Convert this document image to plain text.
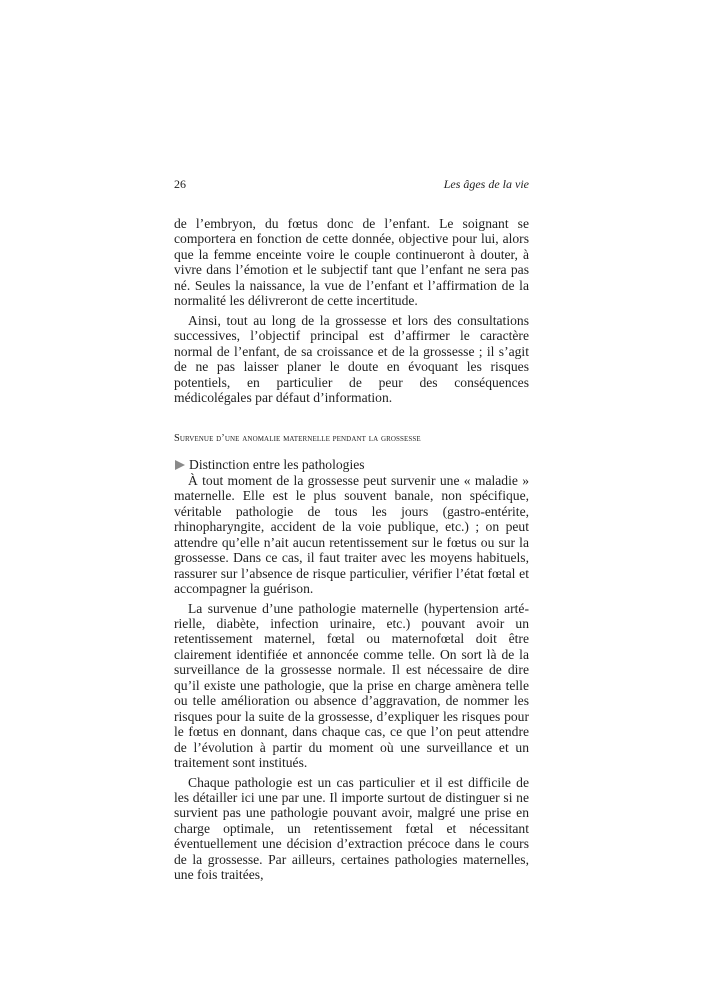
26	Les âges de la vie

de l’embryon, du fœtus donc de l’enfant. Le soignant se comportera en fonction de cette donnée, objective pour lui, alors que la femme enceinte voire le couple continueront à douter, à vivre dans l’émotion et le subjectif tant que l’enfant ne sera pas né. Seules la naissance, la vue de l’enfant et l’affirmation de la normalité les délivreront de cette incertitude.

Ainsi, tout au long de la grossesse et lors des consultations successives, l’objectif principal est d’affirmer le caractère normal de l’enfant, de sa croissance et de la grossesse ; il s’agit de ne pas laisser planer le doute en évoquant les risques potentiels, en particulier de peur des conséquences médicolégales par défaut d’information.

Survenue d’une anomalie maternelle pendant la grossesse
Distinction entre les pathologies

À tout moment de la grossesse peut survenir une « maladie » maternelle. Elle est le plus souvent banale, non spécifique, véritable pathologie de tous les jours (gastro-entérite, rhinopharyngite, accident de la voie publique, etc.) ; on peut attendre qu’elle n’ait aucun retentissement sur le fœtus ou sur la grossesse. Dans ce cas, il faut traiter avec les moyens habituels, rassurer sur l’absence de risque particulier, vérifier l’état fœtal et accompagner la guérison.

La survenue d’une pathologie maternelle (hypertension artérielle, diabète, infection urinaire, etc.) pouvant avoir un retentissement maternel, fœtal ou maternofœtal doit être clairement identifiée et annoncée comme telle. On sort là de la surveillance de la grossesse normale. Il est nécessaire de dire qu’il existe une pathologie, que la prise en charge amènera telle ou telle amélioration ou absence d’aggravation, de nommer les risques pour la suite de la grossesse, d’expliquer les risques pour le fœtus en donnant, dans chaque cas, ce que l’on peut attendre de l’évolution à partir du moment où une surveillance et un traitement sont institués.

Chaque pathologie est un cas particulier et il est difficile de les détailler ici une par une. Il importe surtout de distinguer si ne survient pas une pathologie pouvant avoir, malgré une prise en charge optimale, un retentissement fœtal et nécessitant éventuellement une décision d’extraction précoce dans le cours de la grossesse. Par ailleurs, certaines pathologies maternelles, une fois traitées,
